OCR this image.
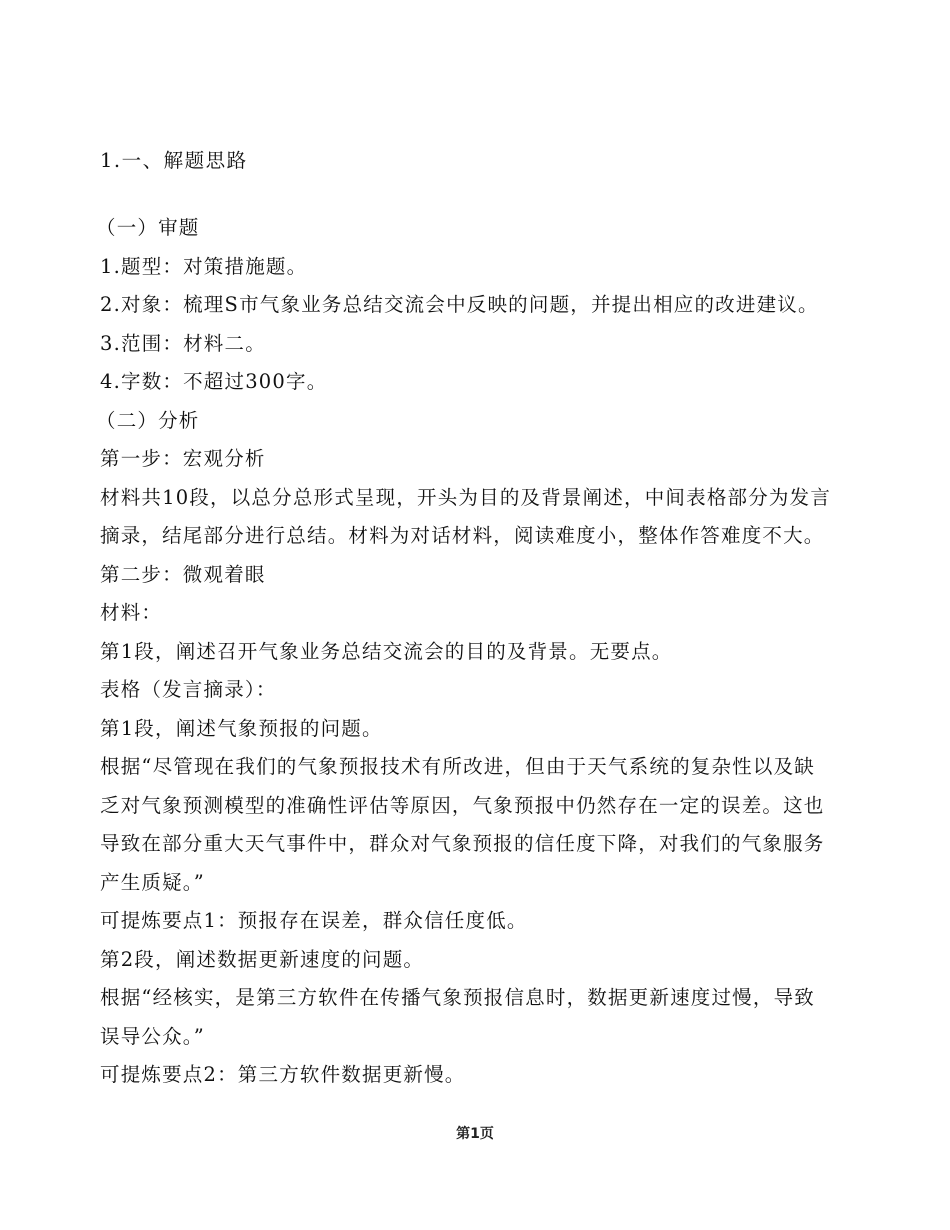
1.一、解题思路
（一）审题
1.题型：对策措施题。
2.对象：梳理S市气象业务总结交流会中反映的问题，并提出相应的改进建议。
3.范围：材料二。
4.字数：不超过300字。
（二）分析
第一步：宏观分析
材料共10段，以总分总形式呈现，开头为目的及背景阐述，中间表格部分为发言
摘录，结尾部分进行总结。材料为对话材料，阅读难度小，整体作答难度不大。
第二步：微观着眼
材料：
第1段，阐述召开气象业务总结交流会的目的及背景。无要点。
表格（发言摘录）：
第1段，阐述气象预报的问题。
根据“尽管现在我们的气象预报技术有所改进，但由于天气系统的复杂性以及缺
乏对气象预测模型的准确性评估等原因，气象预报中仍然存在一定的误差。这也
导致在部分重大天气事件中，群众对气象预报的信任度下降，对我们的气象服务
产生质疑。”
可提炼要点1：预报存在误差，群众信任度低。
第2段，阐述数据更新速度的问题。
根据“经核实，是第三方软件在传播气象预报信息时，数据更新速度过慢，导致
误导公众。”
可提炼要点2：第三方软件数据更新慢。
第1页
